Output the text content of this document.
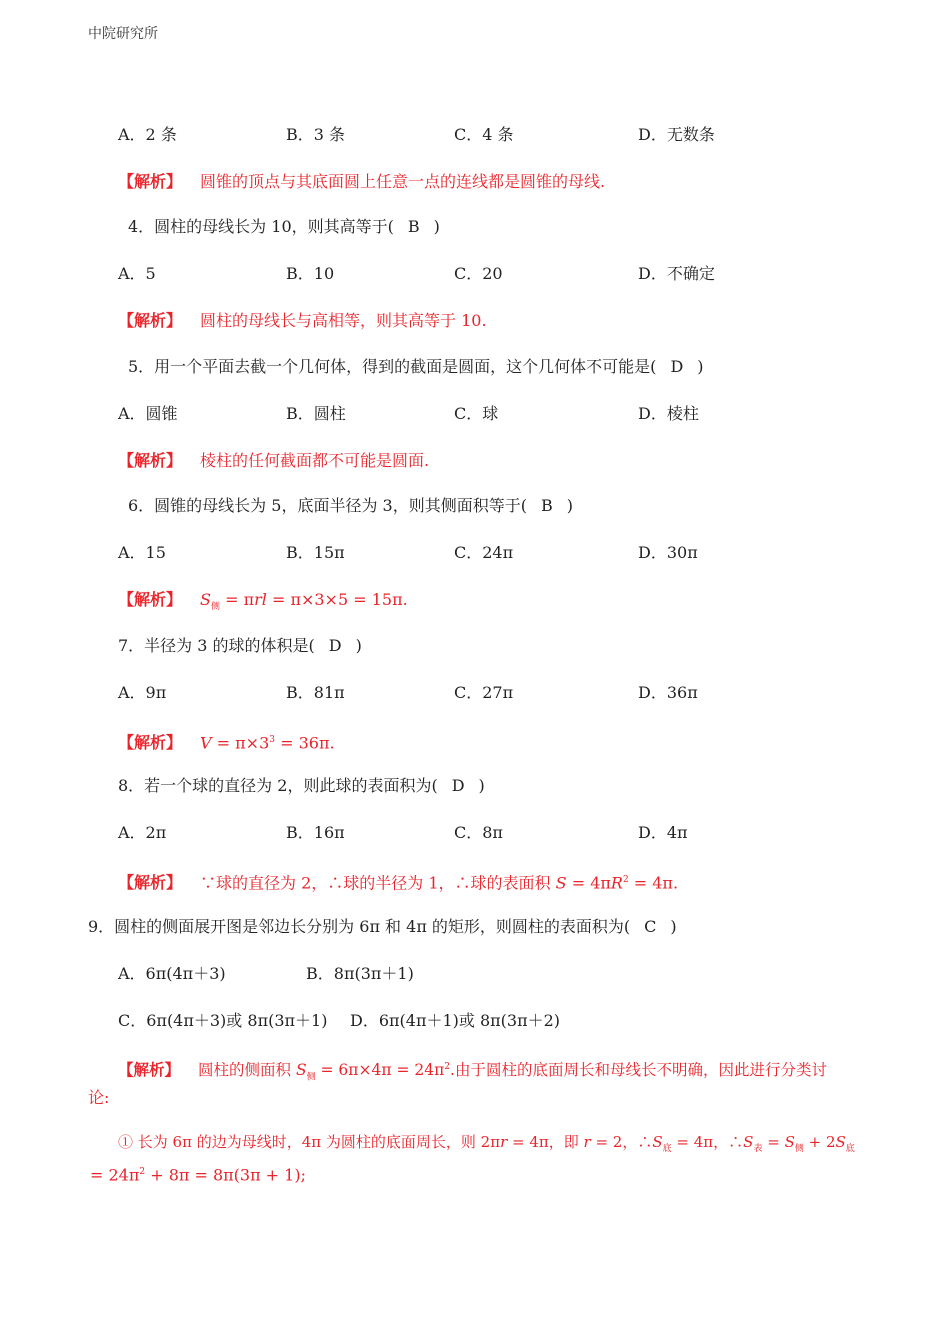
中院研究所
A．2 条	B．3 条	C．4 条	D．无数条
【解析】 圆锥的顶点与其底面圆上任意一点的连线都是圆锥的母线.
4．圆柱的母线长为 10，则其高等于( B )
A．5	B．10	C．20	D．不确定
【解析】 圆柱的母线长与高相等，则其高等于 10.
5．用一个平面去截一个几何体，得到的截面是圆面，这个几何体不可能是( D )
A．圆锥	B．圆柱	C．球	D．棱柱
【解析】 棱柱的任何截面都不可能是圆面.
6．圆锥的母线长为 5，底面半径为 3，则其侧面积等于( B )
A．15	B．15π	C．24π	D．30π
【解析】 $S_侧 = \pi rl = \pi\times 3\times 5 = 15\pi$.
7．半径为 3 的球的体积是( D )
A．9π	B．81π	C．27π	D．36π
【解析】 $V = \pi\times 3^3 = 36\pi$.
8．若一个球的直径为 2，则此球的表面积为( D )
A．2π	B．16π	C．8π	D．4π
【解析】 ∵球的直径为 2，∴球的半径为 1，∴球的表面积 $S = 4\pi R^2 = 4\pi$.
9．圆柱的侧面展开图是邻边长分别为 6π 和 4π 的矩形，则圆柱的表面积为( C )
A．6π(4π＋3)	B．8π(3π＋1)
C．6π(4π＋3)或 8π(3π＋1) D．6π(4π＋1)或 8π(3π＋2)
【解析】 圆柱的侧面积 $S_侧 = 6\pi\times 4\pi = 24\pi^2$.由于圆柱的底面周长和母线长不明确，因此进行分类讨
论:
① 长为 6π 的边为母线时，4π 为圆柱的底面周长，则 2πr = 4π，即 r = 2，$\therefore S_底 = 4\pi$，$\therefore S_表 = S_侧 + 2S_底$
= $24\pi^2 + 8\pi = 8\pi(3\pi + 1)$;
